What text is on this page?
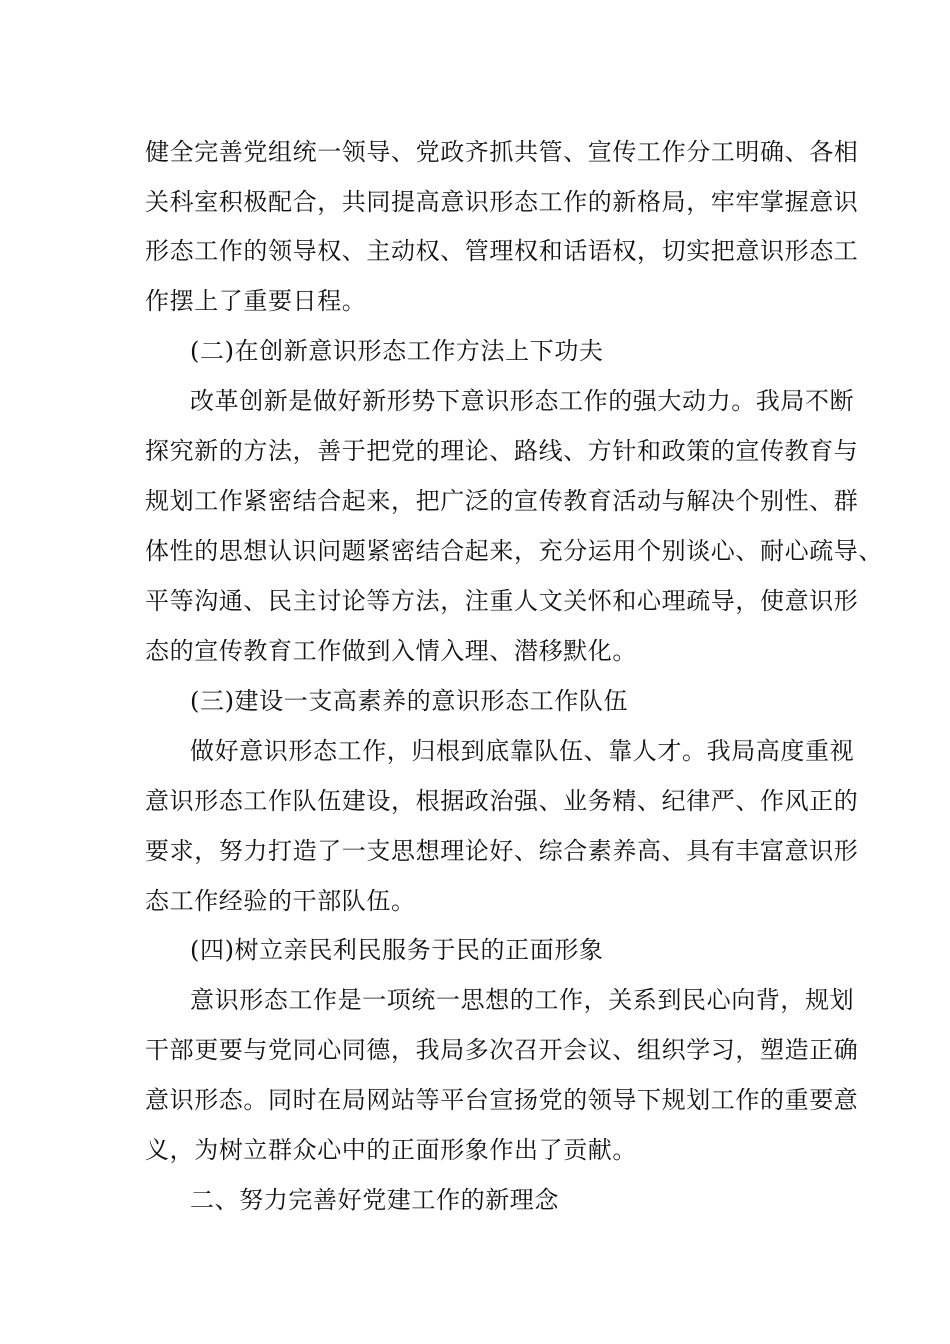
健全完善党组统一领导、党政齐抓共管、宣传工作分工明确、各相
关科室积极配合，共同提高意识形态工作的新格局，牢牢掌握意识
形态工作的领导权、主动权、管理权和话语权，切实把意识形态工
作摆上了重要日程。
(二)在创新意识形态工作方法上下功夫
改革创新是做好新形势下意识形态工作的强大动力。我局不断
探究新的方法，善于把党的理论、路线、方针和政策的宣传教育与
规划工作紧密结合起来，把广泛的宣传教育活动与解决个别性、群
体性的思想认识问题紧密结合起来，充分运用个别谈心、耐心疏导、
平等沟通、民主讨论等方法，注重人文关怀和心理疏导，使意识形
态的宣传教育工作做到入情入理、潜移默化。
(三)建设一支高素养的意识形态工作队伍
做好意识形态工作，归根到底靠队伍、靠人才。我局高度重视
意识形态工作队伍建设，根据政治强、业务精、纪律严、作风正的
要求，努力打造了一支思想理论好、综合素养高、具有丰富意识形
态工作经验的干部队伍。
(四)树立亲民利民服务于民的正面形象
意识形态工作是一项统一思想的工作，关系到民心向背，规划
干部更要与党同心同德，我局多次召开会议、组织学习，塑造正确
意识形态。同时在局网站等平台宣扬党的领导下规划工作的重要意
义，为树立群众心中的正面形象作出了贡献。
二、努力完善好党建工作的新理念
